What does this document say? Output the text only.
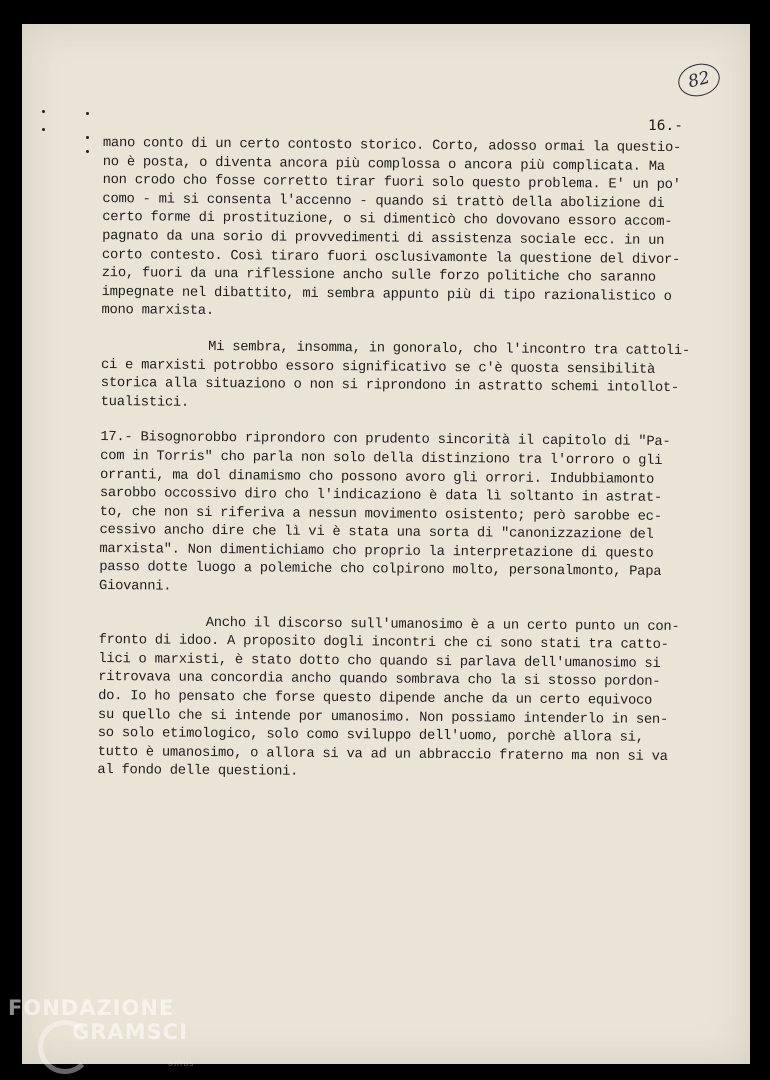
82
16.-
mano conto di un certo contosto storico. Corto, adosso ormai la questio-
no è posta, o diventa ancora più complossa o ancora più complicata. Ma
non crodo cho fosse corretto tirar fuori solo questo problema. E' un po'
como - mi si consenta l'accenno - quando si trattò della abolizione di
certo forme di prostituzione, o si dimenticò cho dovovano essoro accom-
pagnato da una sorio di provvedimenti di assistenza sociale ecc. in un
corto contesto. Così tiraro fuori osclusivamonte la questione del divor-
zio, fuori da una riflessione ancho sulle forzo politiche cho saranno
impegnate nel dibattito, mi sembra appunto più di tipo razionalistico o
mono marxista.
Mi sembra, insomma, in gonoralo, cho l'incontro tra cattoli-
ci e marxisti potrobbo essoro significativo se c'è quosta sensibilità
storica alla situaziono o non si riprondono in astratto schemi intollot-
tualistici.
17.- Bisognorobbo riprondoro con prudento sincorità il capitolo di "Pa-
com in Torris" cho parla non solo della distinziono tra l'orroro o gli
orranti, ma dol dinamismo cho possono avoro gli orrori. Indubbiamonto
sarobbo occossivo diro cho l'indicaziono è data lì soltanto in astrat-
to, che non si riferiva a nessun movimento osistento; però sarobbe ec-
cessivo ancho dire che lì vi è stata una sorta di "canonizzazione del
marxista". Non dimentichiamo cho proprio la interpretazione di questo
passo dotte luogo a polemiche cho colpirono molto, personalmonto, Papa
Giovanni.
Ancho il discorso sull'umanosimo è a un certo punto un con-
fronto di idoo. A proposito dogli incontri che ci sono stati tra catto-
lici o marxisti, è stato dotto cho quando si parlava dell'umanosimo si
ritrovava una concordia ancho quando sombrava cho la si stosso pordon-
do. Io ho pensato che forse questo dipende anche da un certo equivoco
su quello che si intende por umanosimo. Non possiamo intenderlo in sen-
so solo etimologico, solo como sviluppo dell'uomo, porchè allora si,
tutto è umanosimo, o allora si va ad un abbraccio fraterno ma non si va
al fondo delle questioni.
FONDAZIONE
GRAMSCI
onlus
